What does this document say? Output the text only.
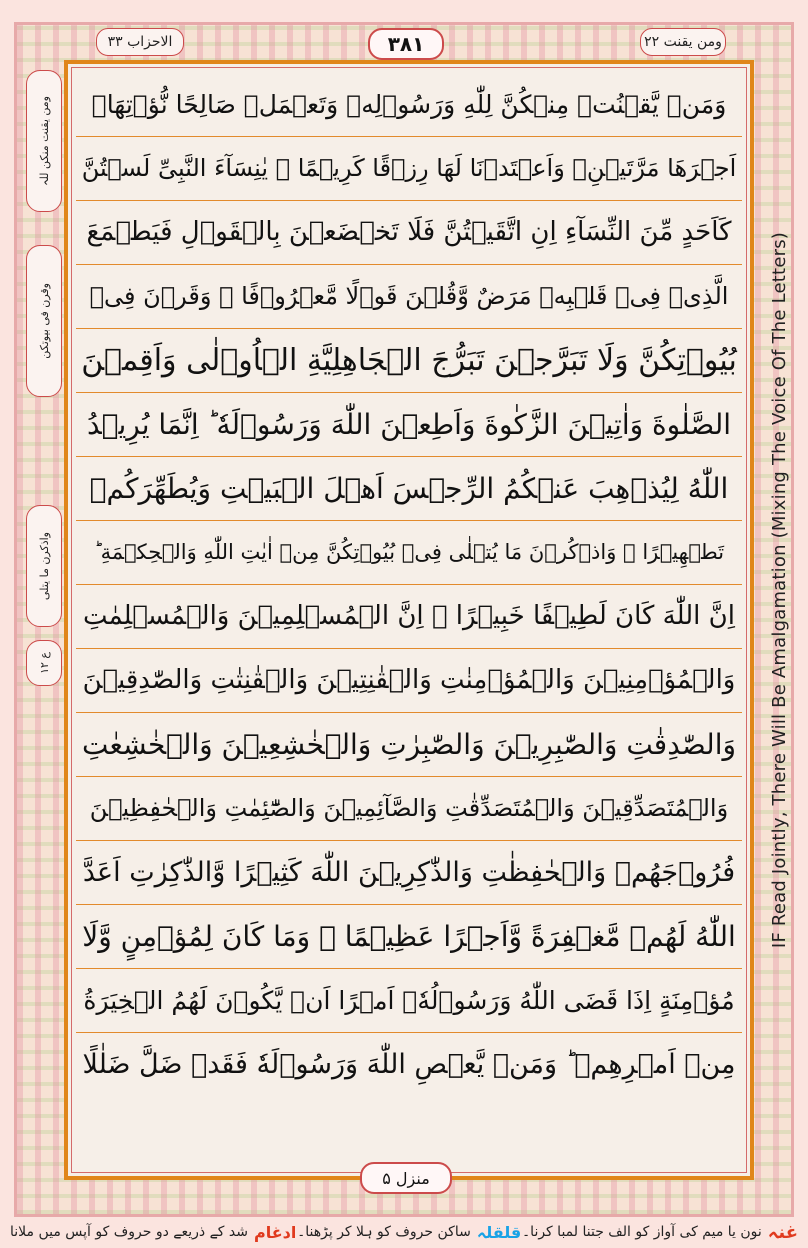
الاحزاب ۳۳	۳۸۱	ومن یقنت ۲۲
ومن یقنت منکن للہ
وقرن فی بیوتکن
واذکرن ما یتلی
ع ۱۲
وَمَنۡ يَّقۡنُتۡ مِنۡكُنَّ لِلّٰهِ وَرَسُوۡلِهٖ وَتَعۡمَلۡ صَالِحًا نُّؤۡتِهَاۤ
اَجۡرَهَا مَرَّتَيۡنِۙ وَاَعۡتَدۡنَا لَهَا رِزۡقًا كَرِيۡمًا ۞ يٰنِسَآءَ النَّبِىِّ لَسۡتُنَّ
كَاَحَدٍ مِّنَ النِّسَآءِ اِنِ اتَّقَيۡتُنَّ فَلَا تَخۡضَعۡنَ بِالۡقَوۡلِ فَيَطۡمَعَ
الَّذِىۡ فِىۡ قَلۡبِهٖ مَرَضٌ وَّقُلۡنَ قَوۡلًا مَّعۡرُوۡفًا ۞ وَقَرۡنَ فِىۡ
بُيُوۡتِكُنَّ وَلَا تَبَرَّجۡنَ تَبَرُّجَ الۡجَاهِلِيَّةِ الۡاُوۡلٰى وَاَقِمۡنَ
الصَّلٰوةَ وَاٰتِيۡنَ الزَّكٰوةَ وَاَطِعۡنَ اللّٰهَ وَرَسُوۡلَهٗ ؕ اِنَّمَا يُرِيۡدُ
اللّٰهُ لِيُذۡهِبَ عَنۡكُمُ الرِّجۡسَ اَهۡلَ الۡبَيۡتِ وَيُطَهِّرَكُمۡ
تَطۡهِيۡرًا ۞ وَاذۡكُرۡنَ مَا يُتۡلٰى فِىۡ بُيُوۡتِكُنَّ مِنۡ اٰيٰتِ اللّٰهِ وَالۡحِكۡمَةِ ؕ
اِنَّ اللّٰهَ كَانَ لَطِيۡفًا خَبِيۡرًا ۞ اِنَّ الۡمُسۡلِمِيۡنَ وَالۡمُسۡلِمٰتِ
وَالۡمُؤۡمِنِيۡنَ وَالۡمُؤۡمِنٰتِ وَالۡقٰنِتِيۡنَ وَالۡقٰنِتٰتِ وَالصّٰدِقِيۡنَ
وَالصّٰدِقٰتِ وَالصّٰبِرِيۡنَ وَالصّٰبِرٰتِ وَالۡخٰشِعِيۡنَ وَالۡخٰشِعٰتِ
وَالۡمُتَصَدِّقِيۡنَ وَالۡمُتَصَدِّقٰتِ وَالصَّآئِمِيۡنَ وَالصّٰٓئِمٰتِ وَالۡحٰفِظِيۡنَ
فُرُوۡجَهُمۡ وَالۡحٰفِظٰتِ وَالذّٰكِرِيۡنَ اللّٰهَ كَثِيۡرًا وَّالذّٰكِرٰتِ اَعَدَّ
اللّٰهُ لَهُمۡ مَّغۡفِرَةً وَّاَجۡرًا عَظِيۡمًا ۞ وَمَا كَانَ لِمُؤۡمِنٍ وَّلَا
مُؤۡمِنَةٍ اِذَا قَضَى اللّٰهُ وَرَسُوۡلُهٗۤ اَمۡرًا اَنۡ يَّكُوۡنَ لَهُمُ الۡخِيَرَةُ
مِنۡ اَمۡرِهِمۡ ؕ وَمَنۡ يَّعۡصِ اللّٰهَ وَرَسُوۡلَهٗ فَقَدۡ ضَلَّ ضَلٰلًا
IF Read Jointly, There Will Be Amalgamation (Mixing The Voice Of The Letters)
منزل ۵
غنہ
نون یا میم کی آواز کو الف جتنا لمبا کرنا۔
قلقلہ
ساکن حروف کو ہلا کر پڑھنا۔
ادغام
شد کے ذریعے دو حروف کو آپس میں ملانا
